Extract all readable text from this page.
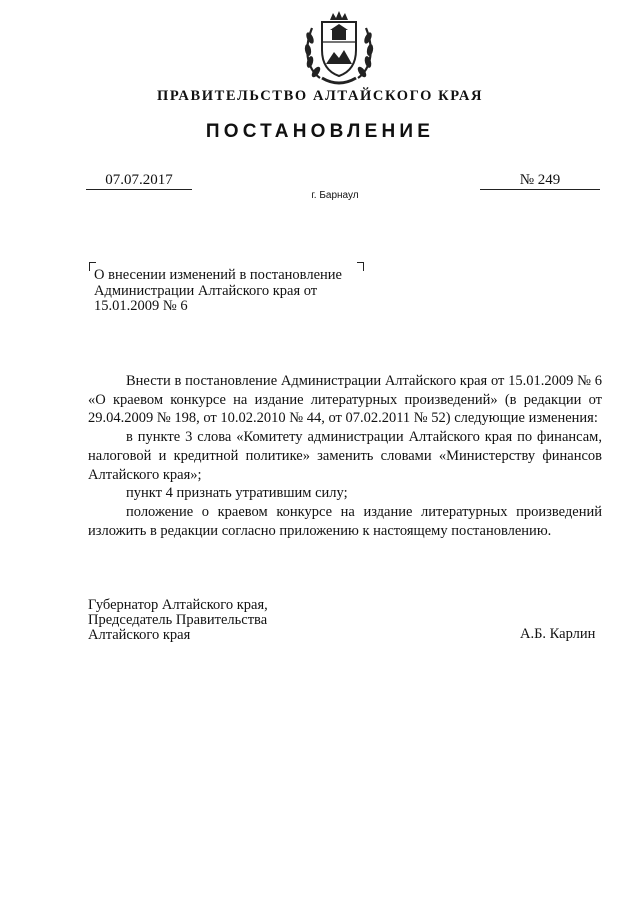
ПРАВИТЕЛЬСТВО АЛТАЙСКОГО КРАЯ
ПОСТАНОВЛЕНИЕ
07.07.2017	№ 249
г. Барнаул
О внесении изменений в постановление Администрации Алтайского края от 15.01.2009 № 6

Внести в постановление Администрации Алтайского края от 15.01.2009 № 6 «О краевом конкурсе на издание литературных произведений» (в редакции от 29.04.2009 № 198, от 10.02.2010 № 44, от 07.02.2011 № 52) следующие изменения:

в пункте 3 слова «Комитету администрации Алтайского края по финансам, налоговой и кредитной политике» заменить словами «Министерству финансов Алтайского края»;

пункт 4 признать утратившим силу;

положение о краевом конкурсе на издание литературных произведений изложить в редакции согласно приложению к настоящему постановлению.

Губернатор Алтайского края,
Председатель Правительства
Алтайского края	А.Б. Карлин
